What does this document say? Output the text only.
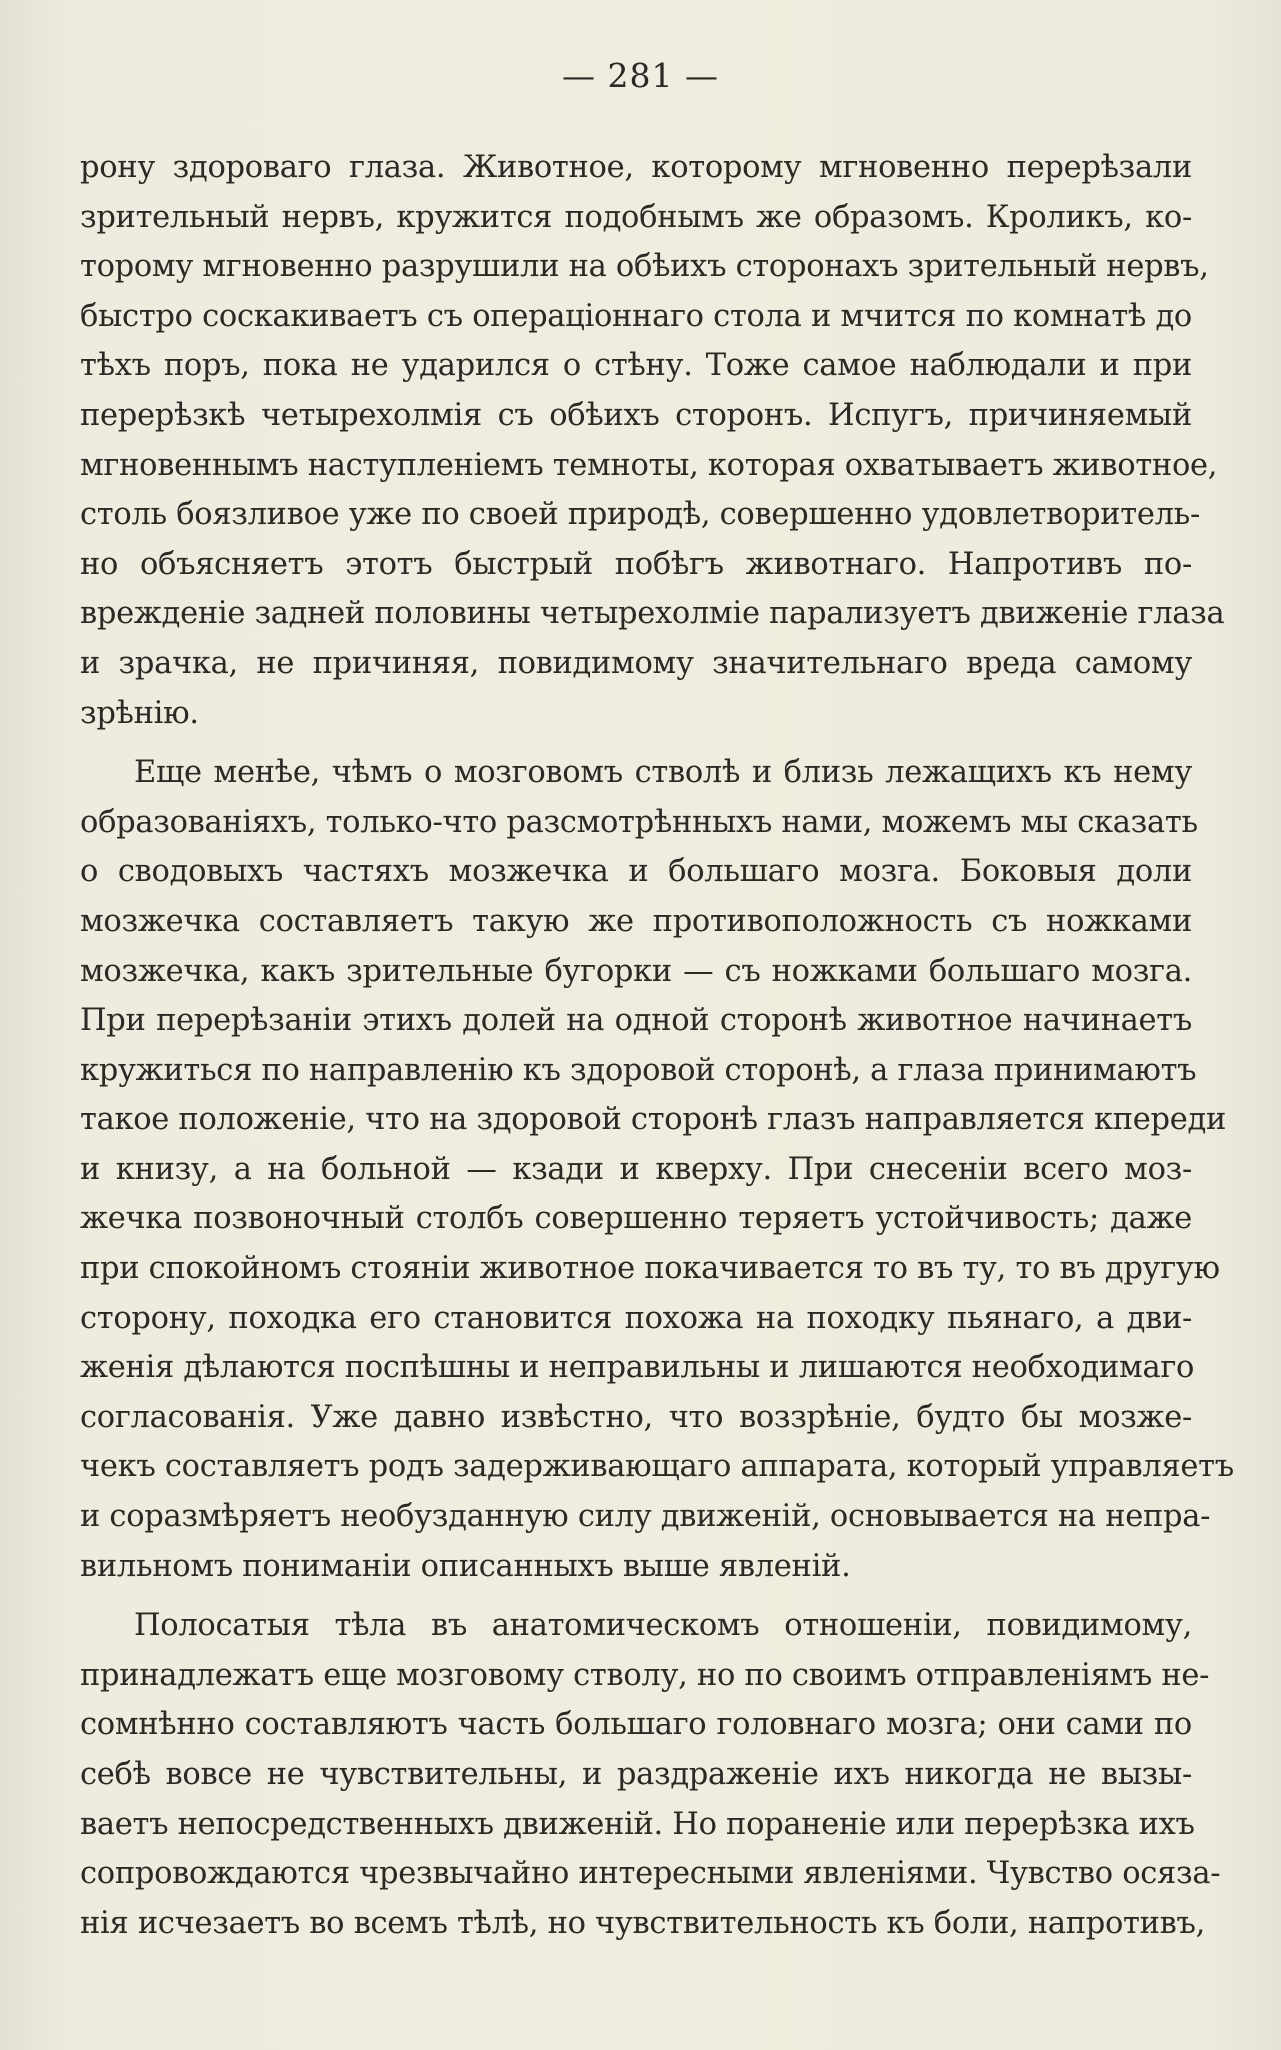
— 281 —
рону здороваго глаза. Животное, которому мгновенно перерѣзали
зрительный нервъ, кружится подобнымъ же образомъ. Кроликъ, ко-
торому мгновенно разрушили на обѣихъ сторонахъ зрительный нервъ,
быстро соскакиваетъ съ операціоннаго стола и мчится по комнатѣ до
тѣхъ поръ, пока не ударился о стѣну. Тоже самое наблюдали и при
перерѣзкѣ четырехолмія съ обѣихъ сторонъ. Испугъ, причиняемый
мгновеннымъ наступленіемъ темноты, которая охватываетъ животное,
столь боязливое уже по своей природѣ, совершенно удовлетворитель-
но объясняетъ этотъ быстрый побѣгъ животнаго. Напротивъ по-
врежденіе задней половины четырехолміе парализуетъ движеніе глаза
и зрачка, не причиняя, повидимому значительнаго вреда самому
зрѣнію.
Еще менѣе, чѣмъ о мозговомъ стволѣ и близь лежащихъ къ нему
образованіяхъ, только-что разсмотрѣнныхъ нами, можемъ мы сказать
о сводовыхъ частяхъ мозжечка и большаго мозга. Боковыя доли
мозжечка составляетъ такую же противоположность съ ножками
мозжечка, какъ зрительные бугорки — съ ножками большаго мозга.
При перерѣзаніи этихъ долей на одной сторонѣ животное начинаетъ
кружиться по направленію къ здоровой сторонѣ, а глаза принимаютъ
такое положеніе, что на здоровой сторонѣ глазъ направляется кпереди
и книзу, а на больной — кзади и кверху. При снесеніи всего моз-
жечка позвоночный столбъ совершенно теряетъ устойчивость; даже
при спокойномъ стояніи животное покачивается то въ ту, то въ другую
сторону, походка его становится похожа на походку пьянаго, а дви-
женія дѣлаются поспѣшны и неправильны и лишаются необходимаго
согласованія. Уже давно извѣстно, что воззрѣніе, будто бы мозже-
чекъ составляетъ родъ задерживающаго аппарата, который управляетъ
и соразмѣряетъ необузданную силу движеній, основывается на непра-
вильномъ пониманіи описанныхъ выше явленій.
Полосатыя тѣла въ анатомическомъ отношеніи, повидимому,
принадлежатъ еще мозговому стволу, но по своимъ отправленіямъ не-
сомнѣнно составляютъ часть большаго головнаго мозга; они сами по
себѣ вовсе не чувствительны, и раздраженіе ихъ никогда не вызы-
ваетъ непосредственныхъ движеній. Но пораненіе или перерѣзка ихъ
сопровождаются чрезвычайно интересными явленіями. Чувство осяза-
нія исчезаетъ во всемъ тѣлѣ, но чувствительность къ боли, напротивъ,
